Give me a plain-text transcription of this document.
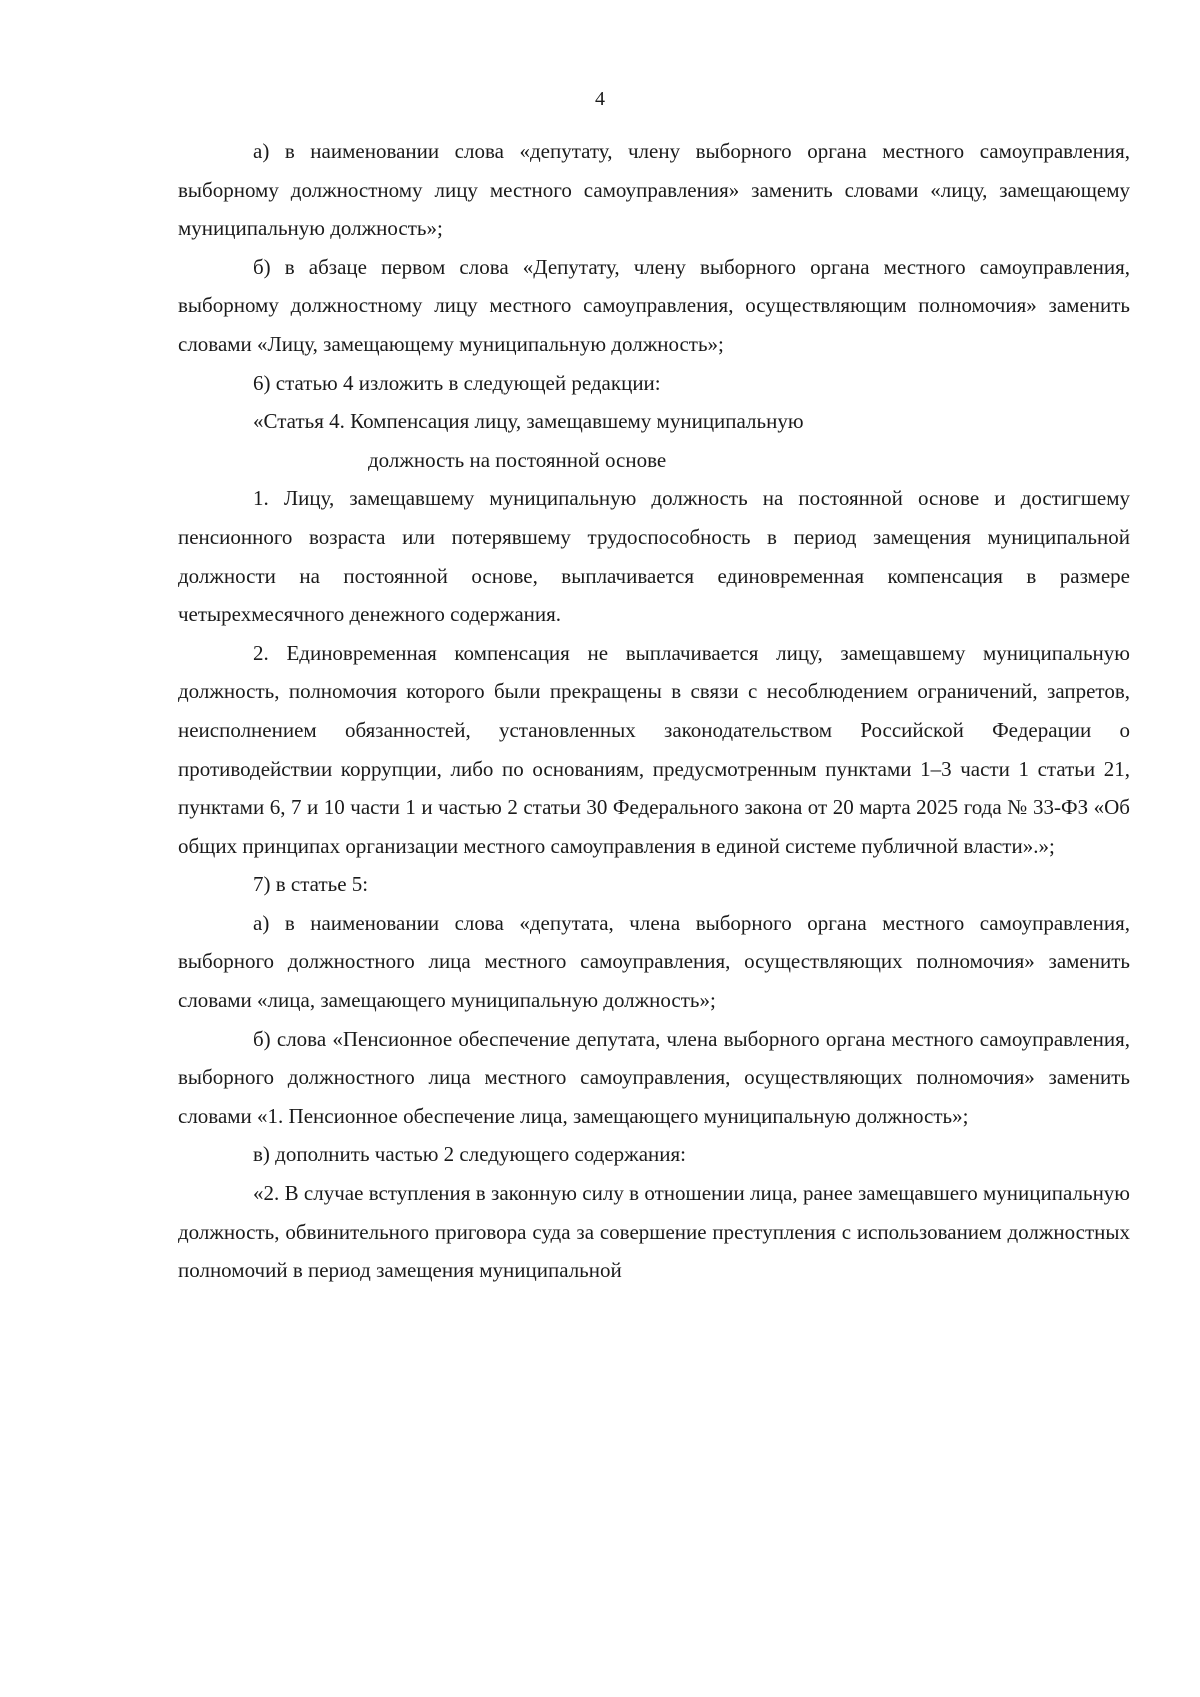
4

а) в наименовании слова «депутату, члену выборного органа местного самоуправления, выборному должностному лицу местного самоуправления» заменить словами «лицу, замещающему муниципальную должность»;

б) в абзаце первом слова «Депутату, члену выборного органа местного самоуправления, выборному должностному лицу местного самоуправления, осуществляющим полномочия» заменить словами «Лицу, замещающему муниципальную должность»;

6) статью 4 изложить в следующей редакции:

«Статья 4. Компенсация лицу, замещавшему муниципальную

должность на постоянной основе

1. Лицу, замещавшему муниципальную должность на постоянной основе и достигшему пенсионного возраста или потерявшему трудоспособность в период замещения муниципальной должности на постоянной основе, выплачивается единовременная компенсация в размере четырехмесячного денежного содержания.

2. Единовременная компенсация не выплачивается лицу, замещавшему муниципальную должность, полномочия которого были прекращены в связи с несоблюдением ограничений, запретов, неисполнением обязанностей, установленных законодательством Российской Федерации о противодействии коррупции, либо по основаниям, предусмотренным пунктами 1–3 части 1 статьи 21, пунктами 6, 7 и 10 части 1 и частью 2 статьи 30 Федерального закона от 20 марта 2025 года № 33-ФЗ «Об общих принципах организации местного самоуправления в единой системе публичной власти».»;

7) в статье 5:

а) в наименовании слова «депутата, члена выборного органа местного самоуправления, выборного должностного лица местного самоуправления, осуществляющих полномочия» заменить словами «лица, замещающего муниципальную должность»;

б) слова «Пенсионное обеспечение депутата, члена выборного органа местного самоуправления, выборного должностного лица местного самоуправления, осуществляющих полномочия» заменить словами «1. Пенсионное обеспечение лица, замещающего муниципальную должность»;

в) дополнить частью 2 следующего содержания:

«2. В случае вступления в законную силу в отношении лица, ранее замещавшего муниципальную должность, обвинительного приговора суда за совершение преступления с использованием должностных полномочий в период замещения муниципальной
